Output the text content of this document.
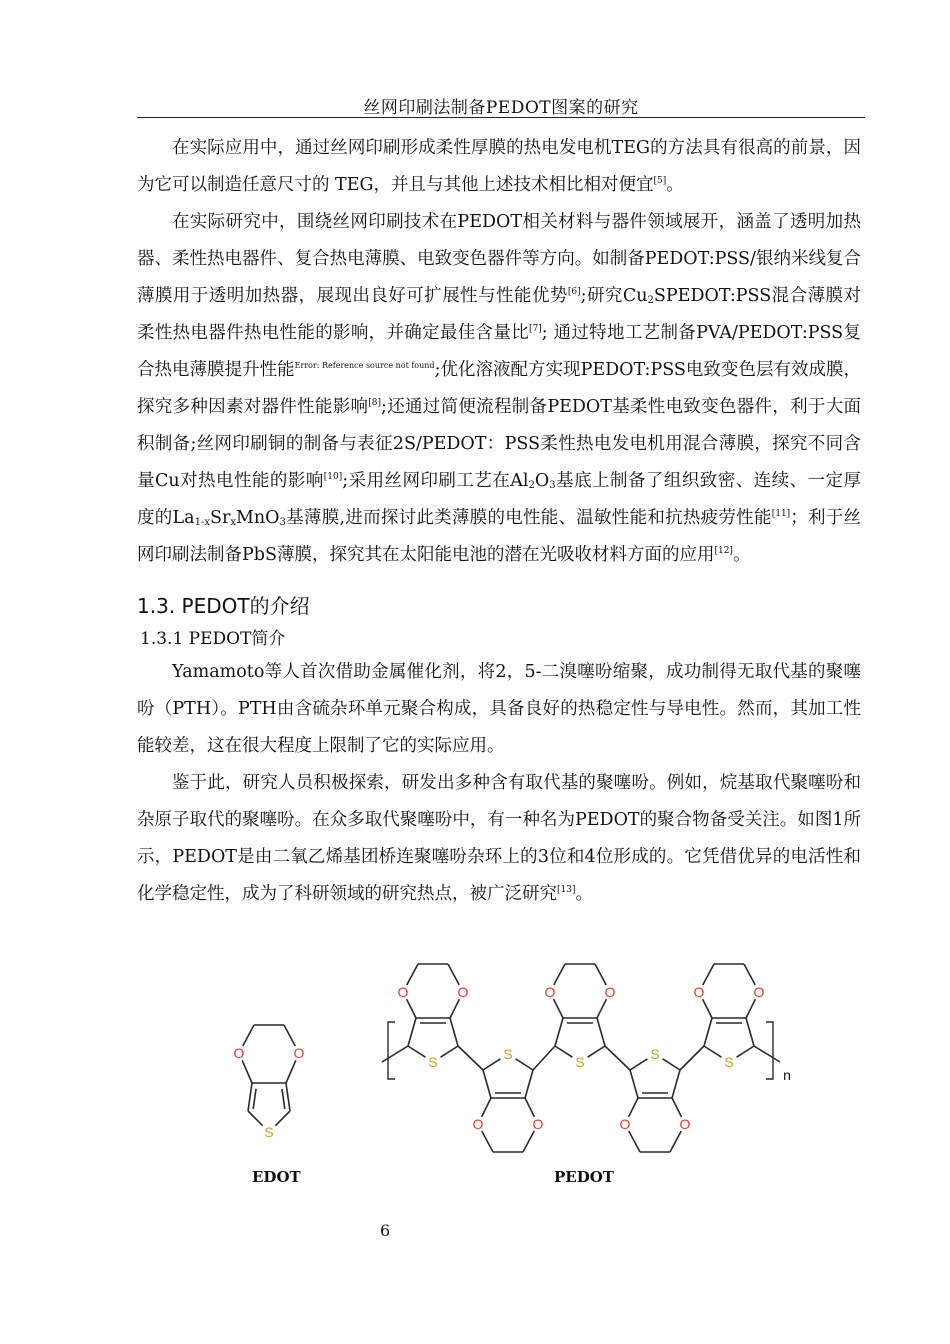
丝网印刷法制备PEDOT图案的研究

在实际应用中，通过丝网印刷形成柔性厚膜的热电发电机TEG的方法具有很高的前景，因为它可以制造任意尺寸的 TEG，并且与其他上述技术相比相对便宜[5]。

在实际研究中，围绕丝网印刷技术在PEDOT相关材料与器件领域展开，涵盖了透明加热器、柔性热电器件、复合热电薄膜、电致变色器件等方向。如制备PEDOT:PSS/银纳米线复合薄膜用于透明加热器，展现出良好可扩展性与性能优势[6];研究$Cu_2SPEDOT:PSS$混合薄膜对柔性热电器件热电性能的影响，并确定最佳含量比[7]; 通过特地工艺制备PVA/PEDOT:PSS复合热电薄膜提升性能$^{Error: Reference source not found}$;优化溶液配方实现PEDOT:PSS电致变色层有效成膜，探究多种因素对器件性能影响[8];还通过简便流程制备PEDOT基柔性电致变色器件，利于大面积制备;丝网印刷铜的制备与表征2S/PEDOT：PSS柔性热电发电机用混合薄膜，探究不同含量Cu对热电性能的影响[10];采用丝网印刷工艺在$Al_2O_3$基底上制备了组织致密、连续、一定厚度的$La_{1-x}Sr_xMnO_3$基薄膜,进而探讨此类薄膜的电性能、温敏性能和抗热疲劳性能[11]；利于丝网印刷法制备PbS薄膜，探究其在太阳能电池的潜在光吸收材料方面的应用[12]。

1.3. PEDOT的介绍
1.3.1 PEDOT简介

Yamamoto等人首次借助金属催化剂，将2，5-二溴噻吩缩聚，成功制得无取代基的聚噻吩（PTH）。PTH由含硫杂环单元聚合构成，具备良好的热稳定性与导电性。然而，其加工性能较差，这在很大程度上限制了它的实际应用。

鉴于此，研究人员积极探索，研发出多种含有取代基的聚噻吩。例如，烷基取代聚噻吩和杂原子取代的聚噻吩。在众多取代聚噻吩中，有一种名为PEDOT的聚合物备受关注。如图1所示，PEDOT是由二氧乙烯基团桥连聚噻吩杂环上的3位和4位形成的。它凭借优异的电活性和化学稳定性，成为了科研领域的研究热点，被广泛研究[13]。

S
O	O
S
O	O
S
O	O
S
O	O
S
O	O
S
O	O
n
EDOT	PEDOT
6
